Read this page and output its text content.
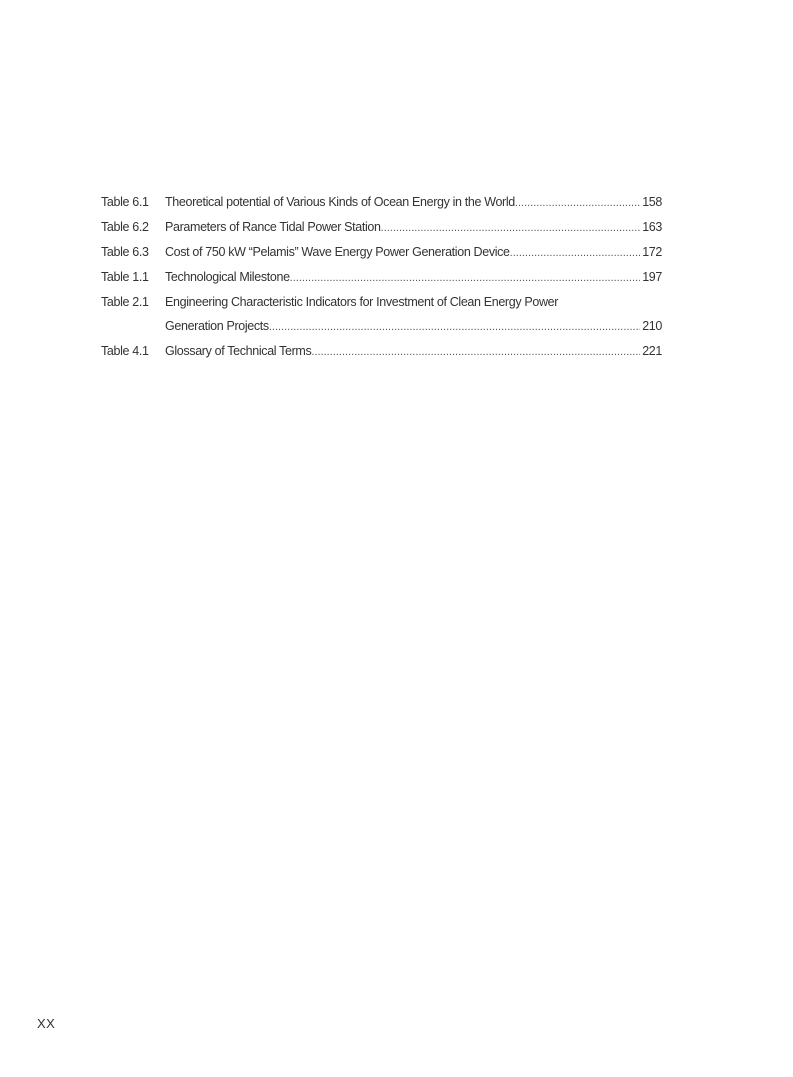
Table 6.1	Theoretical potential of Various Kinds of Ocean Energy in the World .....	158
Table 6.2	Parameters of Rance Tidal Power Station .....	163
Table 6.3	Cost of 750 kW “Pelamis” Wave Energy Power Generation Device .....	172
Table 1.1	Technological Milestone .....	197
Table 2.1	Engineering Characteristic Indicators for Investment of Clean Energy Power
Generation Projects .....	210
Table 4.1	Glossary of Technical Terms .....	221
XX
